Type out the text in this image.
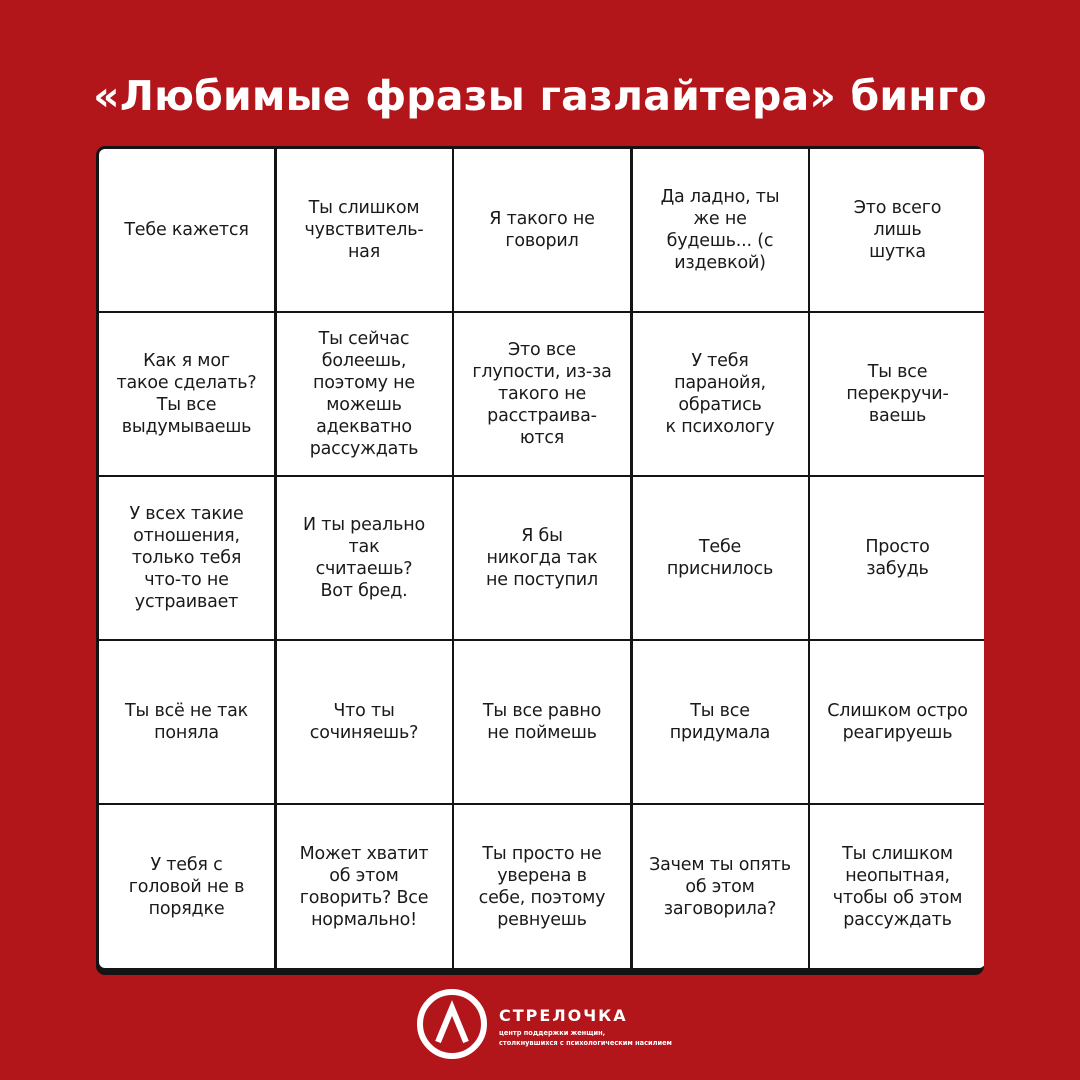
«Любимые фразы газлайтера» бинго
Тебе кажется
Ты слишком
чувствитель-
ная
Я такого не
говорил
Да ладно, ты
же не
будешь... (с
издевкой)
Это всего
лишь
шутка
Как я мог
такое сделать?
Ты все
выдумываешь
Ты сейчас
болеешь,
поэтому не
можешь
адекватно
рассуждать
Это все
глупости, из-за
такого не
расстраива-
ются
У тебя
паранойя,
обратись
к психологу
Ты все
перекручи-
ваешь
У всех такие
отношения,
только тебя
что-то не
устраивает
И ты реально
так
считаешь?
Вот бред.
Я бы
никогда так
не поступил
Тебе
приснилось
Просто
забудь
Ты всё не так
поняла
Что ты
сочиняешь?
Ты все равно
не поймешь
Ты все
придумала
Слишком остро
реагируешь
У тебя с
головой не в
порядке
Может хватит
об этом
говорить? Все
нормально!
Ты просто не
уверена в
себе, поэтому
ревнуешь
Зачем ты опять
об этом
заговорила?
Ты слишком
неопытная,
чтобы об этом
рассуждать
СТРЕЛОЧКА
центр поддержки женщин,
столкнувшихся с психологическим насилием
